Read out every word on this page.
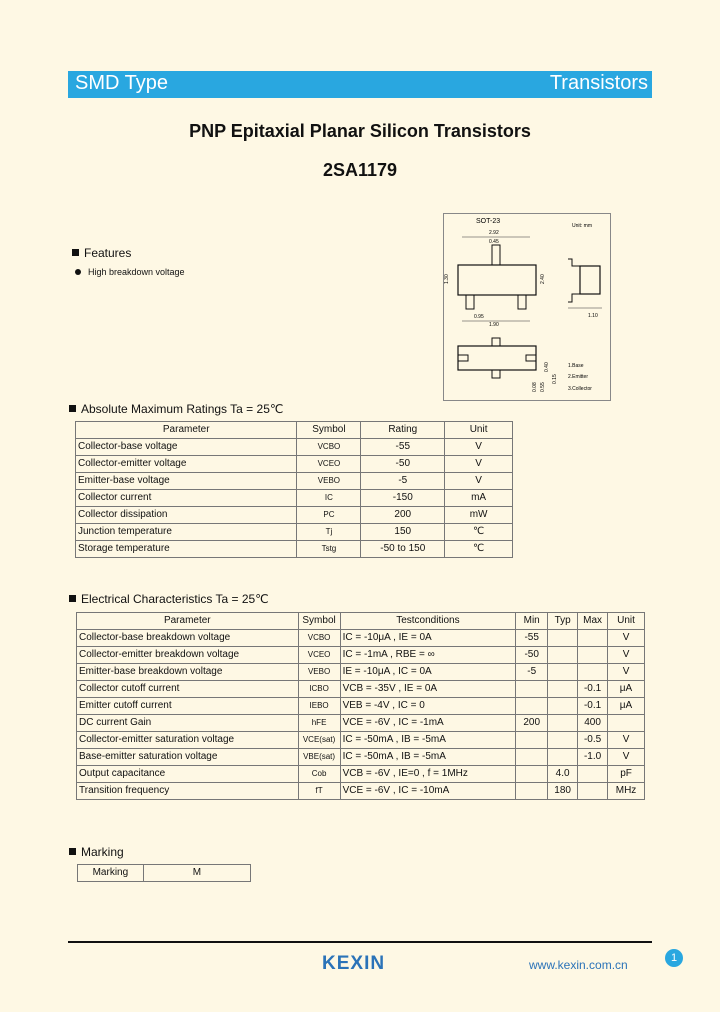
SMD Type	Transistors
PNP Epitaxial Planar Silicon Transistors
2SA1179
SOT-23
Unit: mm
2.92
0.45
1.30	2.40
0.95
1.90
1.10
0.40
0.15
0.55
0.08
1.Base
2.Emitter
3.Collector
Features
High breakdown voltage
Absolute Maximum Ratings Ta = 25℃
Parameter	Symbol	Rating	Unit
Collector-base voltage	VCBO	-55	V
Collector-emitter voltage	VCEO	-50	V
Emitter-base voltage	VEBO	-5	V
Collector current	IC	-150	mA
Collector dissipation	PC	200	mW
Junction temperature	Tj	150	℃
Storage temperature	Tstg	-50 to 150	℃
Electrical Characteristics Ta = 25℃
Parameter	Symbol	Testconditions	Min	Typ	Max	Unit
Collector-base breakdown voltage	VCBO	IC = -10μA , IE = 0A	-55			V
Collector-emitter breakdown voltage	VCEO	IC = -1mA , RBE = ∞	-50			V
Emitter-base breakdown voltage	VEBO	IE = -10μA , IC = 0A	-5			V
Collector cutoff current	ICBO	VCB = -35V , IE = 0A			-0.1	μA
Emitter cutoff current	IEBO	VEB = -4V , IC = 0			-0.1	μA
DC current Gain	hFE	VCE = -6V , IC = -1mA	200		400	
Collector-emitter saturation voltage	VCE(sat)	IC = -50mA , IB = -5mA			-0.5	V
Base-emitter saturation voltage	VBE(sat)	IC = -50mA , IB = -5mA			-1.0	V
Output capacitance	Cob	VCB = -6V , IE=0 , f = 1MHz		4.0		pF
Transition frequency	fT	VCE = -6V , IC = -10mA		180		MHz
Marking
Marking	M
KEXIN	www.kexin.com.cn	1
